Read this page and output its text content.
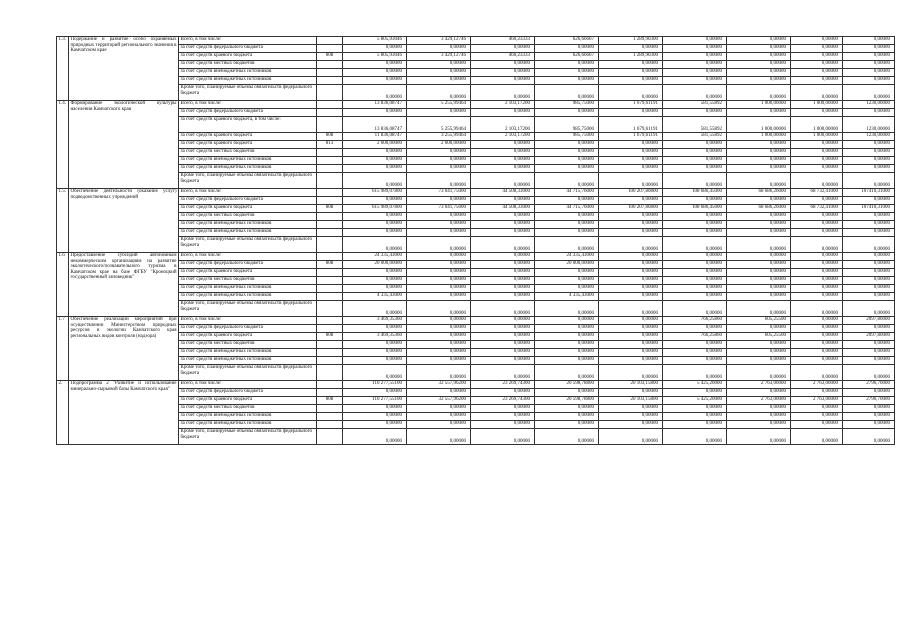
1.3.	Подержание и развитие особо охраняемых природных территорий регионального значения в Камчатском крае	Всего, в том числе:		5 805,93046	3 429,12746	460,23333	626,66667	1 289,90300	0,00000	0,00000	0,00000	0,00000
		за счет средств федерального бюджета		0,00000	0,00000	0,00000	0,00000	0,00000	0,00000	0,00000	0,00000	0,00000
		за счет средств краевого бюджета	808	5 805,93046	3 429,12746	460,23333	626,66667	1 289,90300	0,00000	0,00000	0,00000	0,00000
		за счет средств местных бюджетов		0,00000	0,00000	0,00000	0,00000	0,00000	0,00000	0,00000	0,00000	0,00000
		за счет средств внебюджетных источников		0,00000	0,00000	0,00000	0,00000	0,00000	0,00000	0,00000	0,00000	0,00000
		за счет средств внебюджетных источников		0,00000	0,00000	0,00000	0,00000	0,00000	0,00000	0,00000	0,00000	0,00000
		Кроме того, планируемые объемы обязательств федерального бюджета		0,00000	0,00000	0,00000	0,00000	0,00000	0,00000	0,00000	0,00000	0,00000
1.4.	Формирование экологической культуры населения Камчатского края	Всего, в том числе:		13 836,08747	5 255,99464	2 103,17200	985,75000	1 679,61191	581,55892	1 000,00000	1 000,00000	1230,00000
		за счет средств федерального бюджета		0,00000	0,00000	0,00000	0,00000	0,00000	0,00000	0,00000	0,00000	0,00000
		за счет средств краевого бюджета, в том числе:		13 836,08747	5 255,99464	2 103,17200	985,75000	1 679,61191	581,55892	1 000,00000	1 000,00000	1230,00000
		за счет средств краевого бюджета	808	11 836,08747	3 255,99464	2 103,17200	985,75000	1 679,61191	581,55892	1 000,00000	1 000,00000	1230,00000
		за счет средств краевого бюджета	813	2 000,00000	2 000,00000	0,00000	0,00000	0,00000	0,00000	0,00000	0,00000	0,00000
		за счет средств местных бюджетов		0,00000	0,00000	0,00000	0,00000	0,00000	0,00000	0,00000	0,00000	0,00000
		за счет средств внебюджетных источников		0,00000	0,00000	0,00000	0,00000	0,00000	0,00000	0,00000	0,00000	0,00000
		за счет средств внебюджетных источников		0,00000	0,00000	0,00000	0,00000	0,00000	0,00000	0,00000	0,00000	0,00000
		Кроме того, планируемые объемы обязательств федерального бюджета		0,00000	0,00000	0,00000	0,00000	0,00000	0,00000	0,00000	0,00000	0,00000
1.5.	Обеспечение деятельности (оказание услуг) подведомственных учреждений	Всего, в том числе:		615 989,07800	73 041,75000	44 508,33000	44 715,76000	100 207,80800	108 686,45000	68 686,26000	68 732,41000	107410,31000
		за счет средств федерального бюджета		0,00000	0,00000	0,00000	0,00000	0,00000	0,00000	0,00000	0,00000	0,00000
		за счет средств краевого бюджета	808	615 989,07800	73 041,75000	44 508,33000	44 715,76000	100 207,80800	108 686,45000	68 686,26000	68 732,41000	107410,31000
		за счет средств местных бюджетов		0,00000	0,00000	0,00000	0,00000	0,00000	0,00000	0,00000	0,00000	0,00000
		за счет средств внебюджетных источников		0,00000	0,00000	0,00000	0,00000	0,00000	0,00000	0,00000	0,00000	0,00000
		за счет средств внебюджетных источников		0,00000	0,00000	0,00000	0,00000	0,00000	0,00000	0,00000	0,00000	0,00000
		Кроме того, планируемые объемы обязательств федерального бюджета		0,00000	0,00000	0,00000	0,00000	0,00000	0,00000	0,00000	0,00000	0,00000
1.6	Предоставление субсидий автономным некоммерческим организациям на развитие экологического/познавательного туризма в Камчатском крае на базе ФГБУ "Кроноцкий государственный заповедник"	Всего, в том числе:		24 335,43000	0,00000	0,00000	24 335,43000	0,00000	0,00000	0,00000	0,00000	0,00000
		за счет средств федерального бюджета	808	20 000,00000	0,00000	0,00000	20 000,00000	0,00000	0,00000	0,00000	0,00000	0,00000
		за счет средств краевого бюджета		0,00000	0,00000	0,00000	0,00000	0,00000	0,00000	0,00000	0,00000	0,00000
		за счет средств местных бюджетов		0,00000	0,00000	0,00000	0,00000	0,00000	0,00000	0,00000	0,00000	0,00000
		за счет средств внебюджетных источников		0,00000	0,00000	0,00000	0,00000	0,00000	0,00000	0,00000	0,00000	0,00000
		за счет средств внебюджетных источников		4 335,43000	0,00000	0,00000	4 335,43000	0,00000	0,00000	0,00000	0,00000	0,00000
		Кроме того, планируемые объемы обязательств федерального бюджета		0,00000	0,00000	0,00000	0,00000	0,00000	0,00000	0,00000	0,00000	0,00000
1.7	Обеспечение реализации мероприятий при осуществлении Министерством природных ресурсов и экологии Камчатского края региональных видов контроля (надзора)	Всего, в том числе:		3 469,35360	0,00000	0,00000	0,00000	0,00000	766,25860	605,25500	0,00000	2097,80000
		за счет средств федерального бюджета		0,00000	0,00000	0,00000	0,00000	0,00000	0,00000	0,00000	0,00000	0,00000
		за счет средств краевого бюджета	808	3 469,35360	0,00000	0,00000	0,00000	0,00000	766,25860	605,25500	0,00000	2097,80000
		за счет средств местных бюджетов		0,00000	0,00000	0,00000	0,00000	0,00000	0,00000	0,00000	0,00000	0,00000
		за счет средств внебюджетных источников		0,00000	0,00000	0,00000	0,00000	0,00000	0,00000	0,00000	0,00000	0,00000
		за счет средств внебюджетных источников		0,00000	0,00000	0,00000	0,00000	0,00000	0,00000	0,00000	0,00000	0,00000
		Кроме того, планируемые объемы обязательств федерального бюджета		0,00000	0,00000	0,00000	0,00000	0,00000	0,00000	0,00000	0,00000	0,00000
2.	Подпрограмма 2 "Развитие и использование минерально-сырьевой базы Камчатского края"	Всего, в том числе:		110 277,55100	32 557,96200	23 269,74300	20 598,78800	20 103,15800	5 425,20000	2 763,00000	2 763,00000	2796,70000
		за счет средств федерального бюджета		0,00000	0,00000	0,00000	0,00000	0,00000	0,00000	0,00000	0,00000	0,00000
		за счет средств краевого бюджета	808	110 277,55100	32 557,96200	23 269,74300	20 598,78800	20 103,15800	5 425,20000	2 763,00000	2 763,00000	2796,70000
		за счет средств местных бюджетов		0,00000	0,00000	0,00000	0,00000	0,00000	0,00000	0,00000	0,00000	0,00000
		за счет средств внебюджетных источников		0,00000	0,00000	0,00000	0,00000	0,00000	0,00000	0,00000	0,00000	0,00000
		за счет средств внебюджетных источников		0,00000	0,00000	0,00000	0,00000	0,00000	0,00000	0,00000	0,00000	0,00000
		Кроме того, планируемые объемы обязательств федерального бюджета		0,00000	0,00000	0,00000	0,00000	0,00000	0,00000	0,00000	0,00000	0,00000
